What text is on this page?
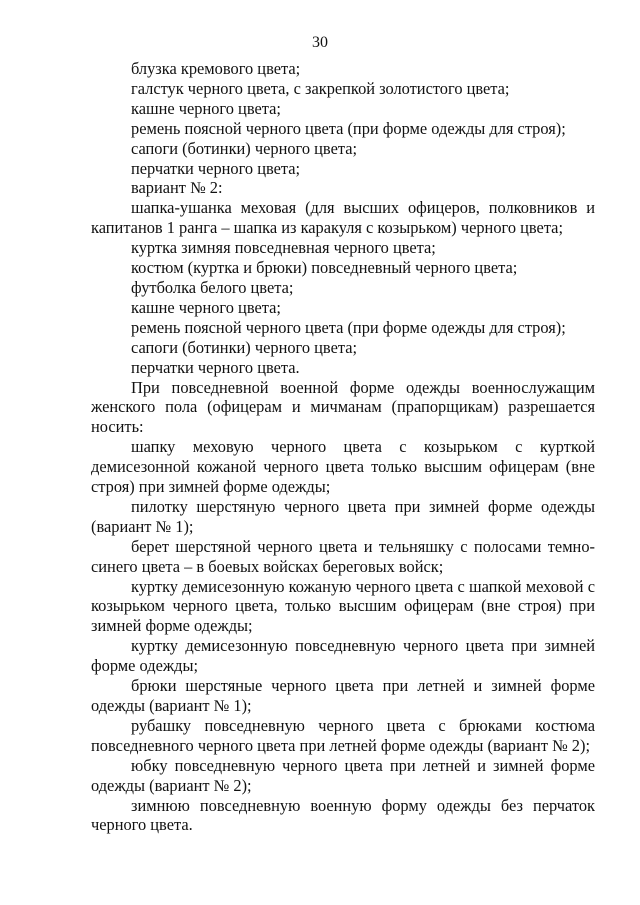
30

блузка кремового цвета;

галстук черного цвета, с закрепкой золотистого цвета;

кашне черного цвета;

ремень поясной черного цвета (при форме одежды для строя);

сапоги (ботинки) черного цвета;

перчатки черного цвета;

вариант № 2:

шапка-ушанка меховая (для высших офицеров, полковников и капитанов 1 ранга – шапка из каракуля с козырьком) черного цвета;

куртка зимняя повседневная черного цвета;

костюм (куртка и брюки) повседневный черного цвета;

футболка белого цвета;

кашне черного цвета;

ремень поясной черного цвета (при форме одежды для строя);

сапоги (ботинки) черного цвета;

перчатки черного цвета.

При повседневной военной форме одежды военнослужащим женского пола (офицерам и мичманам (прапорщикам) разрешается носить:

шапку меховую черного цвета с козырьком с курткой демисезонной кожаной черного цвета только высшим офицерам (вне строя) при зимней форме одежды;

пилотку шерстяную черного цвета при зимней форме одежды (вариант № 1);

берет шерстяной черного цвета и тельняшку с полосами темно-синего цвета – в боевых войсках береговых войск;

куртку демисезонную кожаную черного цвета с шапкой меховой с козырьком черного цвета, только высшим офицерам (вне строя) при зимней форме одежды;

куртку демисезонную повседневную черного цвета при зимней форме одежды;

брюки шерстяные черного цвета при летней и зимней форме одежды (вариант № 1);

рубашку повседневную черного цвета с брюками костюма повседневного черного цвета при летней форме одежды (вариант № 2);

юбку повседневную черного цвета при летней и зимней форме одежды (вариант № 2);

зимнюю повседневную военную форму одежды без перчаток черного цвета.
